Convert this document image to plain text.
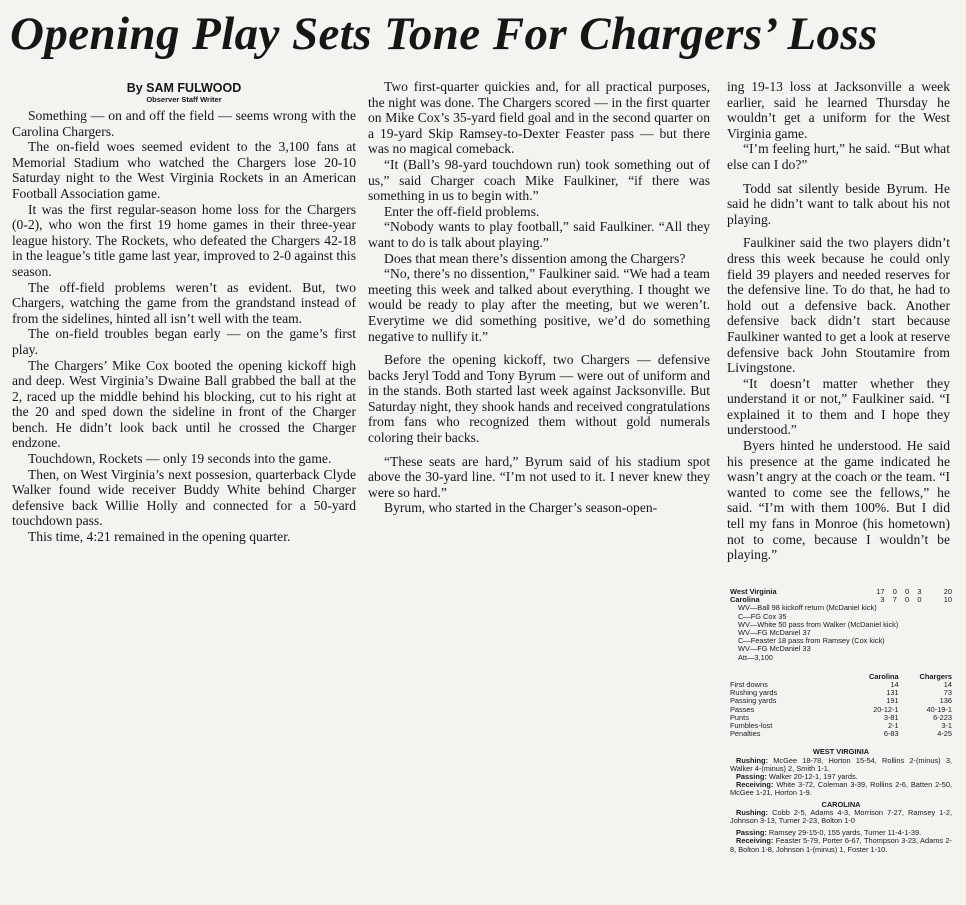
Opening Play Sets Tone For Chargers’ Loss
By SAM FULWOOD
Observer Staff Writer

Something — on and off the field — seems wrong with the Carolina Chargers.

The on-field woes seemed evident to the 3,100 fans at Memorial Stadium who watched the Chargers lose 20-10 Saturday night to the West Virginia Rockets in an American Football Association game.

It was the first regular-season home loss for the Chargers (0-2), who won the first 19 home games in their three-year league history. The Rockets, who defeated the Chargers 42-18 in the league’s title game last year, improved to 2-0 against this season.

The off-field problems weren’t as evident. But, two Chargers, watching the game from the grandstand instead of from the sidelines, hinted all isn’t well with the team.

The on-field troubles began early — on the game’s first play.

The Chargers’ Mike Cox booted the opening kickoff high and deep. West Virginia’s Dwaine Ball grabbed the ball at the 2, raced up the middle behind his blocking, cut to his right at the 20 and sped down the sideline in front of the Charger bench. He didn’t look back until he crossed the Charger endzone.

Touchdown, Rockets — only 19 seconds into the game.

Then, on West Virginia’s next possesion, quarterback Clyde Walker found wide receiver Buddy White behind Charger defensive back Willie Holly and connected for a 50-yard touchdown pass.

This time, 4:21 remained in the opening quarter.

Two first-quarter quickies and, for all practical purposes, the night was done. The Chargers scored — in the first quarter on Mike Cox’s 35-yard field goal and in the second quarter on a 19-yard Skip Ramsey-to-Dexter Feaster pass — but there was no magical comeback.

“It (Ball’s 98-yard touchdown run) took something out of us,” said Charger coach Mike Faulkiner, “if there was something in us to begin with.”

Enter the off-field problems.

“Nobody wants to play football,” said Faulkiner. “All they want to do is talk about playing.”

Does that mean there’s dissention among the Chargers?

“No, there’s no dissention,” Faulkiner said. “We had a team meeting this week and talked about everything. I thought we would be ready to play after the meeting, but we weren’t. Everytime we did something positive, we’d do something negative to nullify it.”

Before the opening kickoff, two Chargers — defensive backs Jeryl Todd and Tony Byrum — were out of uniform and in the stands. Both started last week against Jacksonville. But Saturday night, they shook hands and received congratulations from fans who recognized them without gold numerals coloring their backs.

“These seats are hard,” Byrum said of his stadium spot above the 30-yard line. “I’m not used to it. I never knew they were so hard.”

Byrum, who started in the Charger’s season-open-

ing 19-13 loss at Jacksonville a week earlier, said he learned Thursday he wouldn’t get a uniform for the West Virginia game.

“I’m feeling hurt,” he said. “But what else can I do?”

Todd sat silently beside Byrum. He said he didn’t want to talk about his not playing.

Faulkiner said the two players didn’t dress this week because he could only field 39 players and needed reserves for the defensive line. To do that, he had to hold out a defensive back. Another defensive back didn’t start because Faulkiner wanted to get a look at reserve defensive back John Stoutamire from Livingstone.

“It doesn’t matter whether they understand it or not,” Faulkiner said. “I explained it to them and I hope they understood.”

Byers hinted he understood. He said his presence at the game indicated he wasn’t angry at the coach or the team. “I wanted to come see the fellows,” he said. “I’m with them 100%. But I did tell my fans in Monroe (his hometown) not to come, because I wouldn’t be playing.”

West Virginia	17	0	0	3	20
Carolina	3	7	0	0	10
WV—Ball 98 kickoff return (McDaniel kick)
C—FG Cox 35
WV—White 50 pass from Walker (McDaniel kick)
WV—FG McDaniel 37
C—Feaster 18 pass from Ramsey (Cox kick)
WV—FG McDaniel 33
Att—3,100
	Carolina	Chargers
First downs	14	14
Rushing yards	131	73
Passing yards	191	136
Passes	20-12-1	40-19-1
Punts	3-81	6-223
Fumbles-lost	2-1	3-1
Penalties	6-83	4-25
WEST VIRGINIA

Rushing: McGee 18-78, Horton 15-54, Rollins 2-(minus) 3, Walker 4-(minus) 2, Smith 1-1.

Passing: Walker 20-12-1, 197 yards.

Receiving: White 3-72, Coleman 3-39, Rollins 2-6, Batten 2-50, McGee 1-21, Horton 1-9.

CAROLINA

Rushing: Cobb 2-5, Adams 4-3, Morrison 7-27, Ramsey 1-2, Johnson 3-13, Turner 2-23, Bolton 1-0

Passing: Ramsey 29-15-0, 155 yards, Turner 11-4-1-39.

Receiving: Feaster 5-79, Porter 6-67, Thompson 3-23, Adams 2-8, Bolton 1-8, Johnson 1-(minus) 1, Foster 1-10.
